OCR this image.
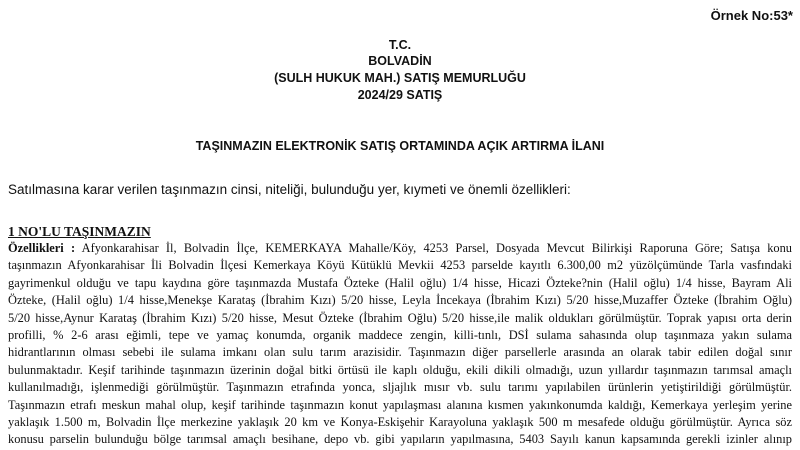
Örnek No:53*
T.C.
BOLVADİN
(SULH HUKUK MAH.) SATIŞ MEMURLUĞU
2024/29 SATIŞ
TAŞINMAZIN ELEKTRONİK SATIŞ ORTAMINDA AÇIK ARTIRMA İLANI
Satılmasına karar verilen taşınmazın cinsi, niteliği, bulunduğu yer, kıymeti ve önemli özellikleri:
1 NO'LU TAŞINMAZIN
Özellikleri : Afyonkarahisar İl, Bolvadin İlçe, KEMERKAYA Mahalle/Köy, 4253 Parsel, Dosyada Mevcut Bilirkişi Raporuna Göre; Satışa konu
taşınmazın Afyonkarahisar İli Bolvadin İlçesi Kemerkaya Köyü Kütüklü Mevkii 4253 parselde kayıtlı 6.300,00 m2 yüzölçümünde Tarla vasfındaki
gayrimenkul olduğu ve tapu kaydına göre taşınmazda Mustafa Özteke (Halil oğlu) 1/4 hisse, Hicazi Özteke?nin (Halil oğlu) 1/4 hisse, Bayram Ali
Özteke, (Halil oğlu) 1/4 hisse,Menekşe Karataş (İbrahim Kızı) 5/20 hisse, Leyla İncekaya (İbrahim Kızı) 5/20 hisse,Muzaffer Özteke (İbrahim Oğlu)
5/20 hisse,Aynur Karataş (İbrahim Kızı) 5/20 hisse, Mesut Özteke (İbrahim Oğlu) 5/20 hisse,ile malik oldukları görülmüştür. Toprak yapısı orta derin
profilli, % 2-6 arası eğimli, tepe ve yamaç konumda, organik maddece zengin, killi-tınlı, DSİ sulama sahasında olup taşınmaza yakın sulama
hidrantlarının olması sebebi ile sulama imkanı olan sulu tarım arazisidir. Taşınmazın diğer parsellerle arasında an olarak tabir edilen doğal sınır
bulunmaktadır. Keşif tarihinde taşınmazın üzerinin doğal bitki örtüsü ile kaplı olduğu, ekili dikili olmadığı, uzun yıllardır taşınmazın tarımsal amaçlı
kullanılmadığı, işlenmediği görülmüştür. Taşınmazın etrafında yonca, sljajlık mısır vb. sulu tarımı yapılabilen ürünlerin yetiştirildiği görülmüştür.
Taşınmazın etrafı meskun mahal olup, keşif tarihinde taşınmazın konut yapılaşması alanına kısmen yakınkonumda kaldığı, Kemerkaya yerleşim yerine
yaklaşık 1.500 m, Bolvadin İlçe merkezine yaklaşık 20 km ve Konya-Eskişehir Karayoluna yaklaşık 500 m mesafede olduğu görülmüştür. Ayrıca söz
konusu parselin bulunduğu bölge tarımsal amaçlı besihane, depo vb. gibi yapıların yapılmasına, 5403 Sayılı kanun kapsamında gerekli izinler alınıp
